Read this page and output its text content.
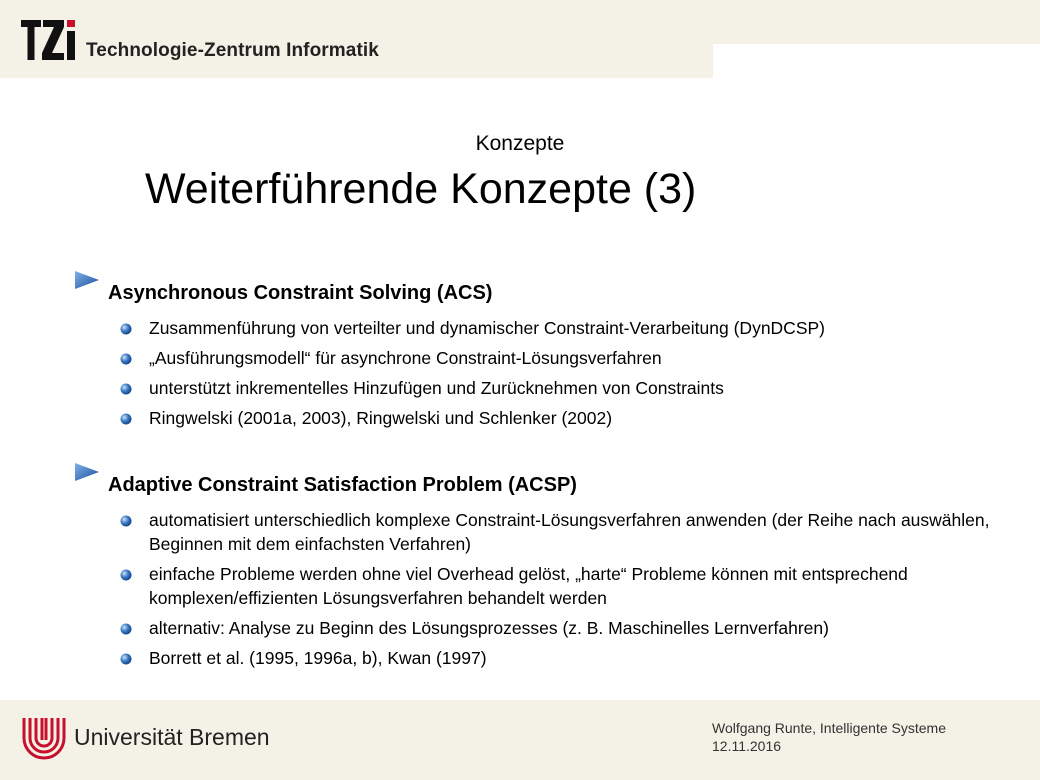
Technologie-Zentrum Informatik
Konzepte
Weiterführende Konzepte (3)
Asynchronous Constraint Solving (ACS)
Zusammenführung von verteilter und dynamischer Constraint-Verarbeitung (DynDCSP)
„Ausführungsmodell“ für asynchrone Constraint-Lösungsverfahren
unterstützt inkrementelles Hinzufügen und Zurücknehmen von Constraints
Ringwelski (2001a, 2003), Ringwelski und Schlenker (2002)
Adaptive Constraint Satisfaction Problem (ACSP)
automatisiert unterschiedlich komplexe Constraint-Lösungsverfahren anwenden (der Reihe nach auswählen, Beginnen mit dem einfachsten Verfahren)
einfache Probleme werden ohne viel Overhead gelöst, „harte“ Probleme können mit entsprechend komplexen/effizienten Lösungsverfahren behandelt werden
alternativ: Analyse zu Beginn des Lösungsprozesses (z. B. Maschinelles Lernverfahren)
Borrett et al. (1995, 1996a, b), Kwan (1997)
Universität Bremen	Wolfgang Runte, Intelligente Systeme
12.11.2016
